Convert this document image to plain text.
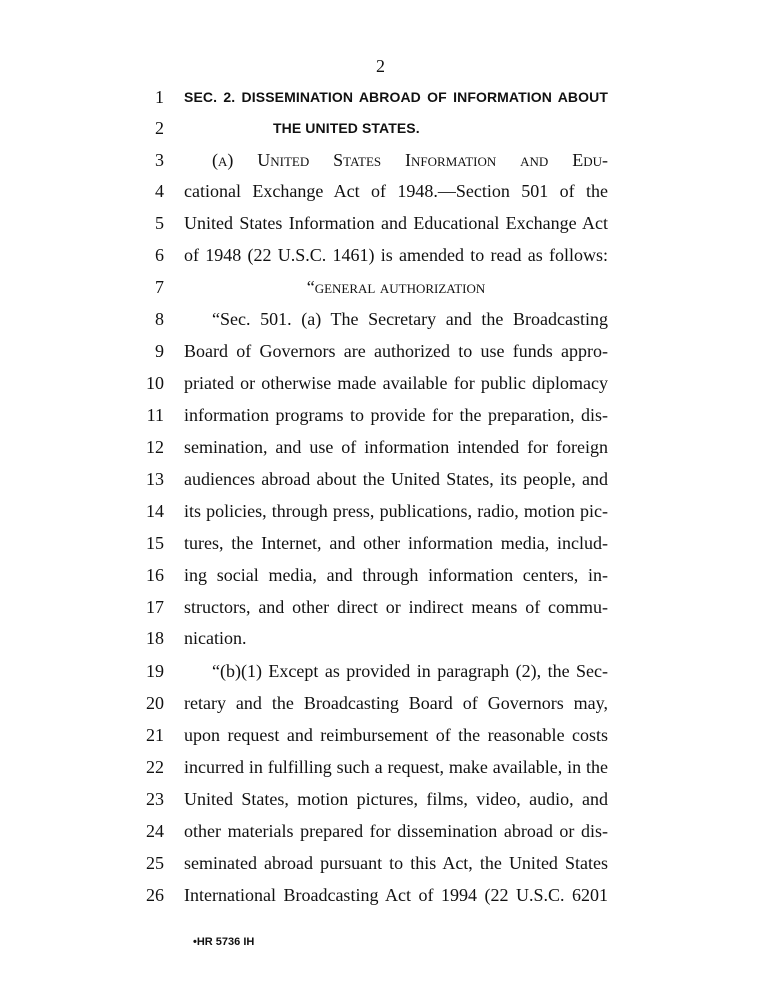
2
1 SEC. 2. DISSEMINATION ABROAD OF INFORMATION ABOUT
2	THE UNITED STATES.
3	(a) United States Information and Edu-
4 cational Exchange Act of 1948.—Section 501 of the
5 United States Information and Educational Exchange Act
6 of 1948 (22 U.S.C. 1461) is amended to read as follows:
7	“general authorization
8	“Sec. 501. (a) The Secretary and the Broadcasting
9 Board of Governors are authorized to use funds appro-
10 priated or otherwise made available for public diplomacy
11 information programs to provide for the preparation, dis-
12 semination, and use of information intended for foreign
13 audiences abroad about the United States, its people, and
14 its policies, through press, publications, radio, motion pic-
15 tures, the Internet, and other information media, includ-
16 ing social media, and through information centers, in-
17 structors, and other direct or indirect means of commu-
18 nication.
19	“(b)(1) Except as provided in paragraph (2), the Sec-
20 retary and the Broadcasting Board of Governors may,
21 upon request and reimbursement of the reasonable costs
22 incurred in fulfilling such a request, make available, in the
23 United States, motion pictures, films, video, audio, and
24 other materials prepared for dissemination abroad or dis-
25 seminated abroad pursuant to this Act, the United States
26 International Broadcasting Act of 1994 (22 U.S.C. 6201
•HR 5736 IH
